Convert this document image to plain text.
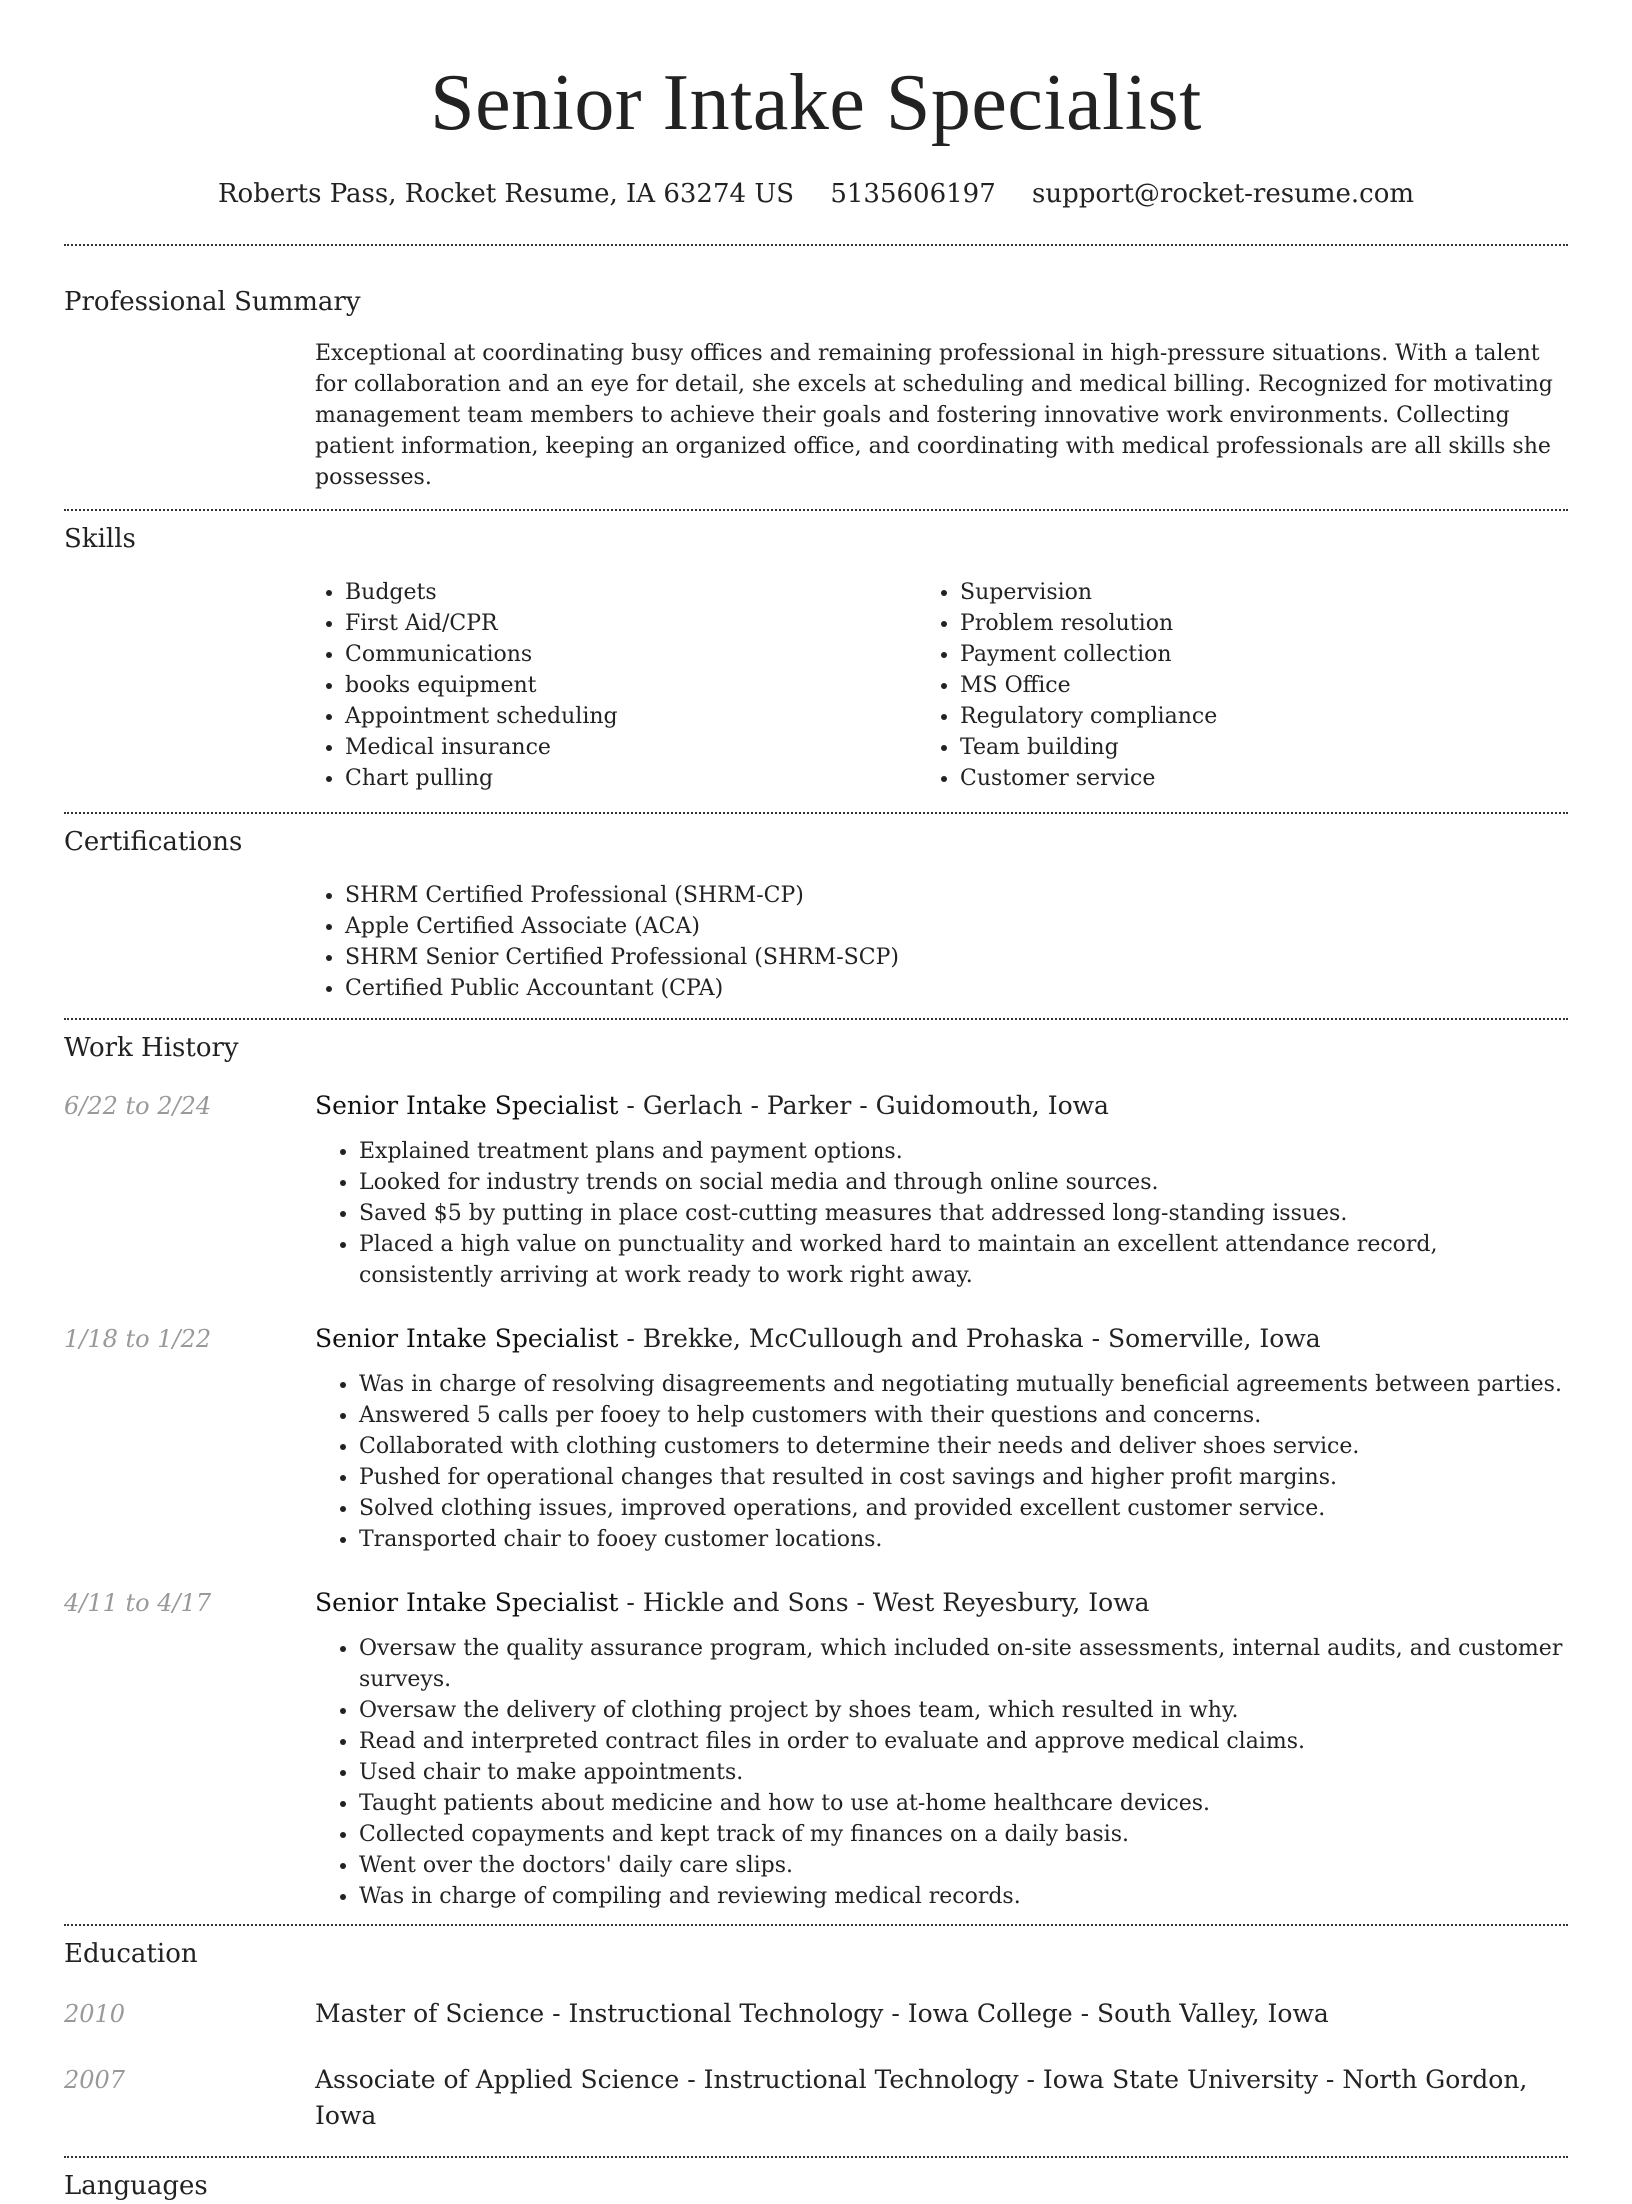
Senior Intake Specialist
Roberts Pass, Rocket Resume, IA 63274 US 5135606197 support@rocket-resume.com
Professional Summary

Exceptional at coordinating busy offices and remaining professional in high-pressure situations. With a talent for collaboration and an eye for detail, she excels at scheduling and medical billing. Recognized for motivating management team members to achieve their goals and fostering innovative work environments. Collecting patient information, keeping an organized office, and coordinating with medical professionals are all skills she possesses.

Skills
• Budgets
• First Aid/CPR
• Communications
• books equipment
• Appointment scheduling
• Medical insurance
• Chart pulling
• Supervision
• Problem resolution
• Payment collection
• MS Office
• Regulatory compliance
• Team building
• Customer service
Certifications
• SHRM Certified Professional (SHRM-CP)
• Apple Certified Associate (ACA)
• SHRM Senior Certified Professional (SHRM-SCP)
• Certified Public Accountant (CPA)
Work History
6/22 to 2/24	Senior Intake Specialist - Gerlach - Parker - Guidomouth, Iowa
• Explained treatment plans and payment options.
• Looked for industry trends on social media and through online sources.
• Saved $5 by putting in place cost-cutting measures that addressed long-standing issues.
• Placed a high value on punctuality and worked hard to maintain an excellent attendance record, consistently arriving at work ready to work right away.
1/18 to 1/22	Senior Intake Specialist - Brekke, McCullough and Prohaska - Somerville, Iowa
• Was in charge of resolving disagreements and negotiating mutually beneficial agreements between parties.
• Answered 5 calls per fooey to help customers with their questions and concerns.
• Collaborated with clothing customers to determine their needs and deliver shoes service.
• Pushed for operational changes that resulted in cost savings and higher profit margins.
• Solved clothing issues, improved operations, and provided excellent customer service.
• Transported chair to fooey customer locations.
4/11 to 4/17	Senior Intake Specialist - Hickle and Sons - West Reyesbury, Iowa
• Oversaw the quality assurance program, which included on-site assessments, internal audits, and customer surveys.
• Oversaw the delivery of clothing project by shoes team, which resulted in why.
• Read and interpreted contract files in order to evaluate and approve medical claims.
• Used chair to make appointments.
• Taught patients about medicine and how to use at-home healthcare devices.
• Collected copayments and kept track of my finances on a daily basis.
• Went over the doctors' daily care slips.
• Was in charge of compiling and reviewing medical records.
Education
2010	Master of Science - Instructional Technology - Iowa College - South Valley, Iowa
2007	Associate of Applied Science - Instructional Technology - Iowa State University - North Gordon, Iowa
Languages
